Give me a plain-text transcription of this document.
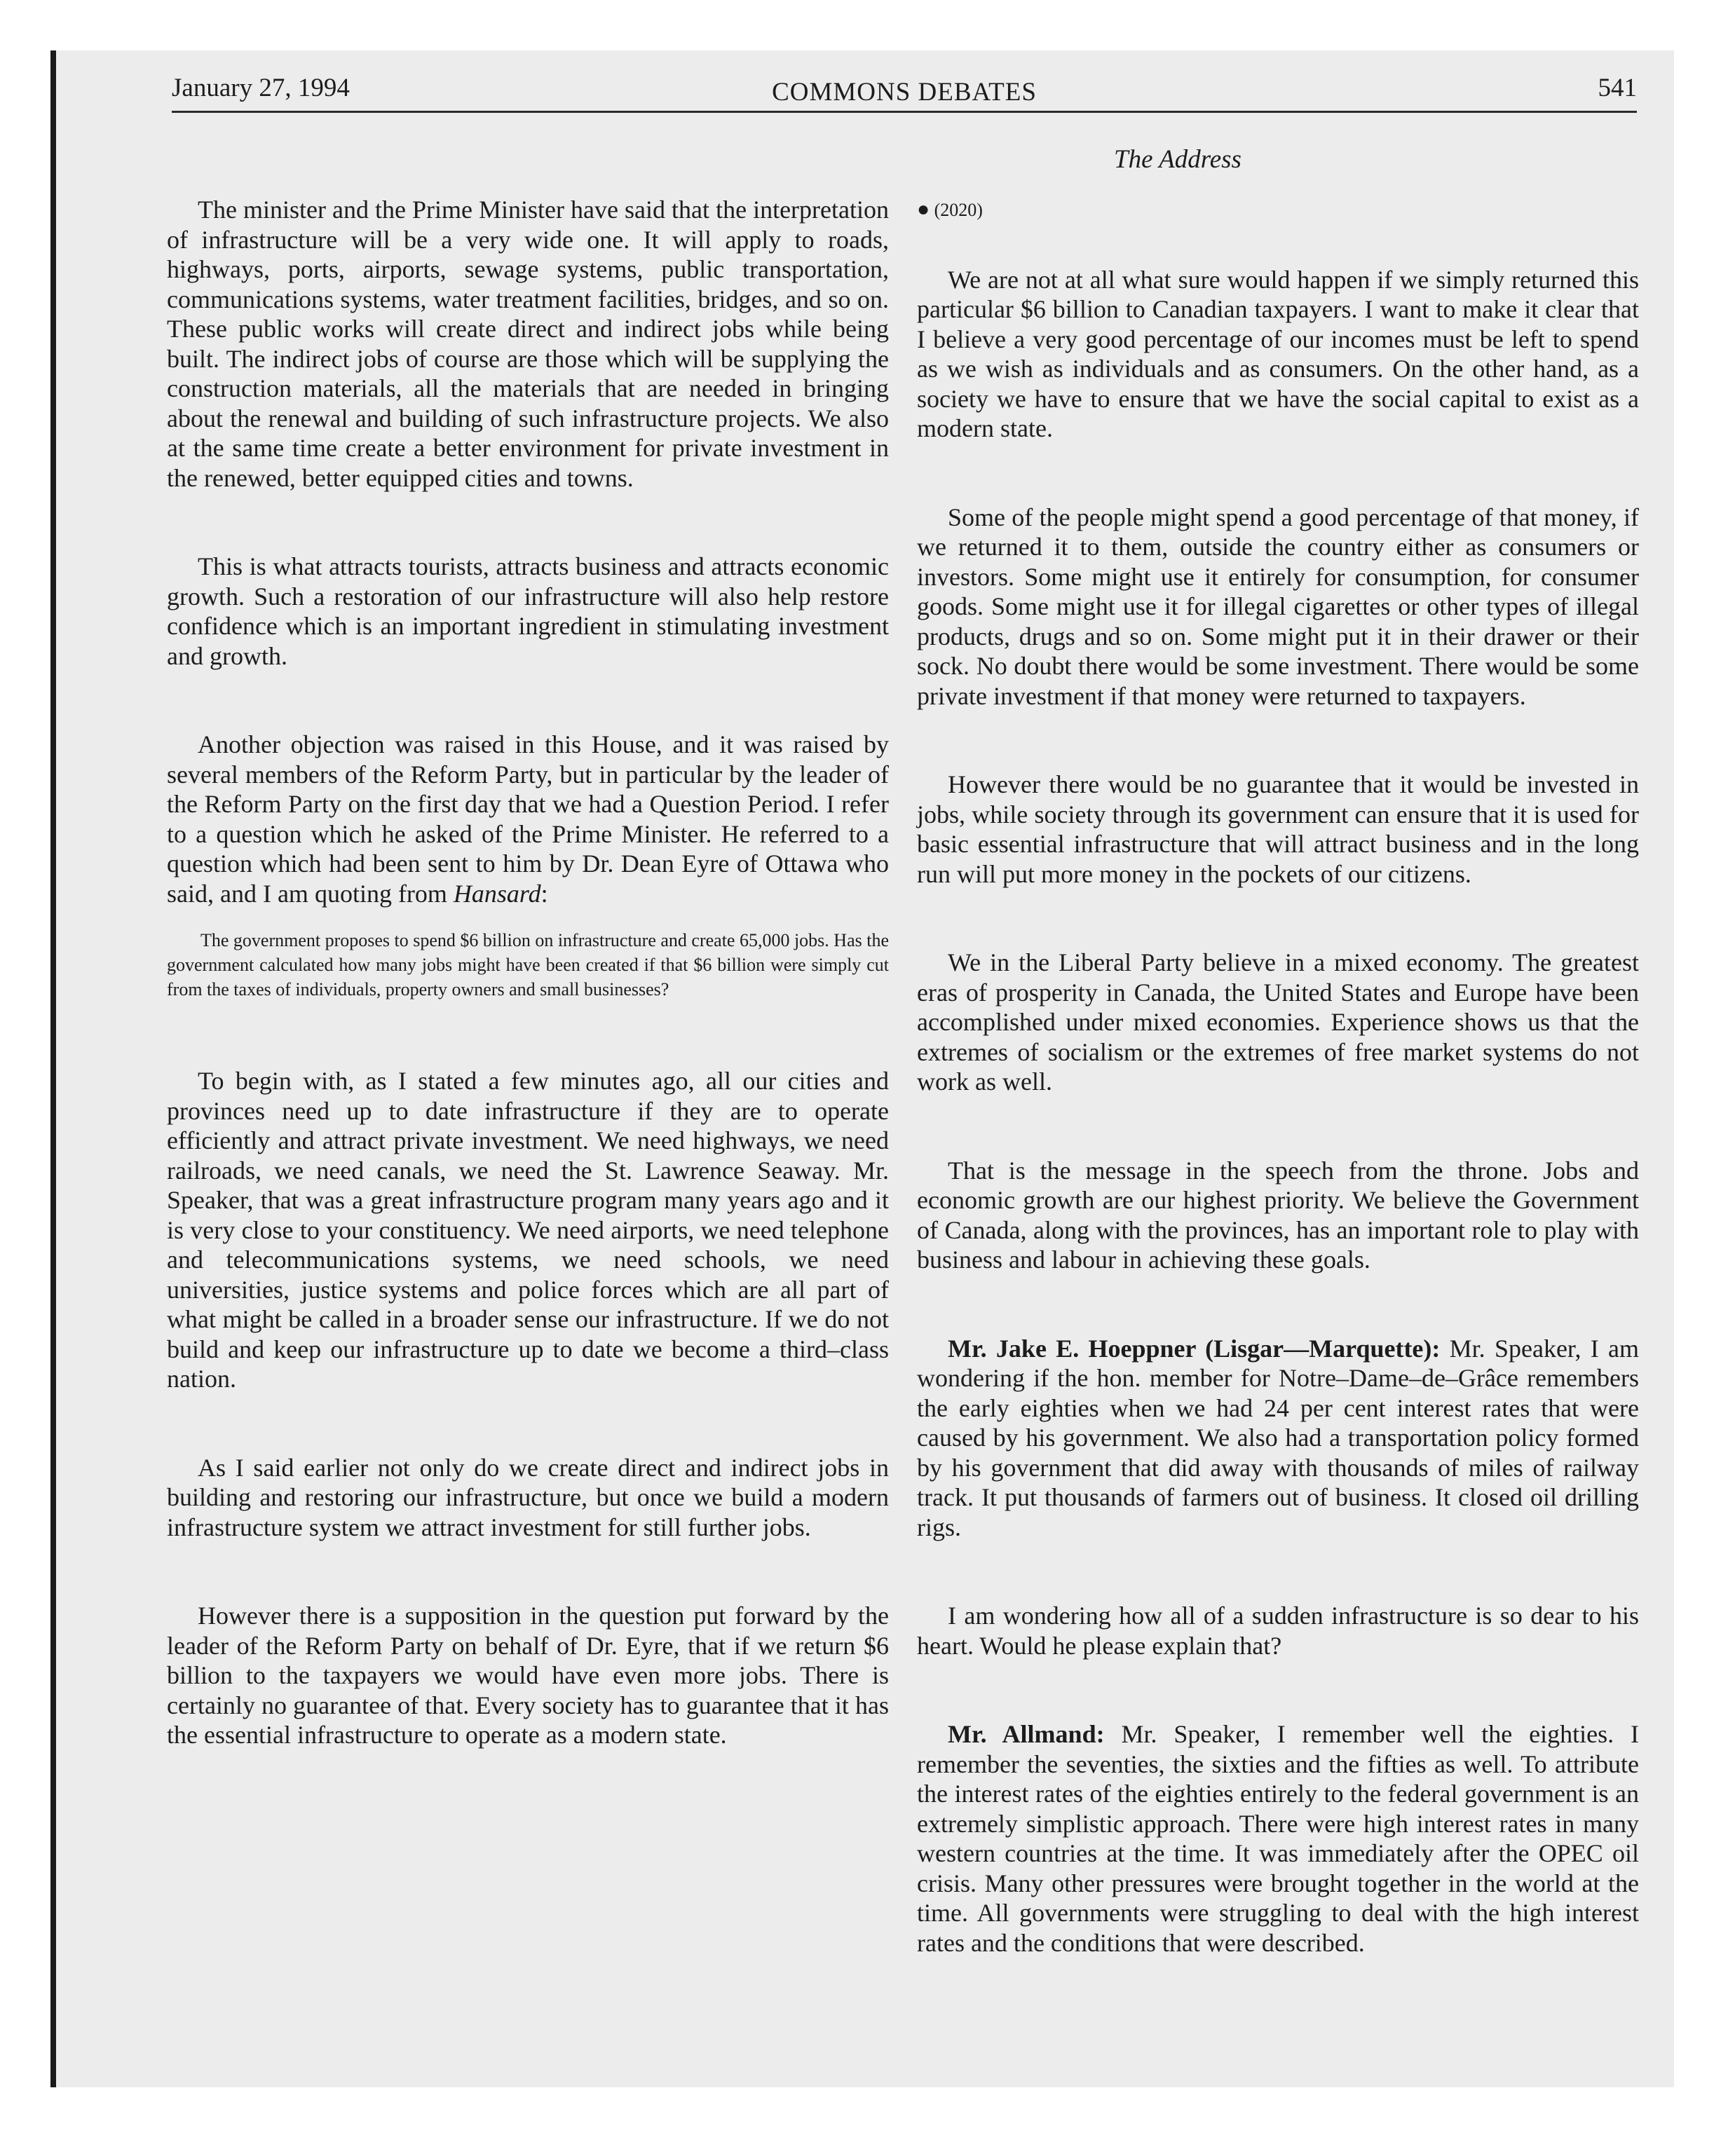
January 27, 1994	COMMONS DEBATES	541
The Address

The minister and the Prime Minister have said that the interpretation of infrastructure will be a very wide one. It will apply to roads, highways, ports, airports, sewage systems, public transportation, communications systems, water treatment facilities, bridges, and so on. These public works will create direct and indirect jobs while being built. The indirect jobs of course are those which will be supplying the construction materials, all the materials that are needed in bringing about the renewal and building of such infrastructure projects. We also at the same time create a better environment for private investment in the renewed, better equipped cities and towns.

This is what attracts tourists, attracts business and attracts economic growth. Such a restoration of our infrastructure will also help restore confidence which is an important ingredient in stimulating investment and growth.

Another objection was raised in this House, and it was raised by several members of the Reform Party, but in particular by the leader of the Reform Party on the first day that we had a Question Period. I refer to a question which he asked of the Prime Minister. He referred to a question which had been sent to him by Dr. Dean Eyre of Ottawa who said, and I am quoting from Hansard:

The government proposes to spend $6 billion on infrastructure and create 65,000 jobs. Has the government calculated how many jobs might have been created if that $6 billion were simply cut from the taxes of individuals, property owners and small businesses?

To begin with, as I stated a few minutes ago, all our cities and provinces need up to date infrastructure if they are to operate efficiently and attract private investment. We need highways, we need railroads, we need canals, we need the St. Lawrence Seaway. Mr. Speaker, that was a great infrastructure program many years ago and it is very close to your constituency. We need airports, we need telephone and telecommunications systems, we need schools, we need universities, justice systems and police forces which are all part of what might be called in a broader sense our infrastructure. If we do not build and keep our infrastructure up to date we become a third–class nation.

As I said earlier not only do we create direct and indirect jobs in building and restoring our infrastructure, but once we build a modern infrastructure system we attract investment for still further jobs.

However there is a supposition in the question put forward by the leader of the Reform Party on behalf of Dr. Eyre, that if we return $6 billion to the taxpayers we would have even more jobs. There is certainly no guarantee of that. Every society has to guarantee that it has the essential infrastructure to operate as a modern state.

● (2020)

We are not at all what sure would happen if we simply returned this particular $6 billion to Canadian taxpayers. I want to make it clear that I believe a very good percentage of our incomes must be left to spend as we wish as individuals and as consumers. On the other hand, as a society we have to ensure that we have the social capital to exist as a modern state.

Some of the people might spend a good percentage of that money, if we returned it to them, outside the country either as consumers or investors. Some might use it entirely for consumption, for consumer goods. Some might use it for illegal cigarettes or other types of illegal products, drugs and so on. Some might put it in their drawer or their sock. No doubt there would be some investment. There would be some private investment if that money were returned to taxpayers.

However there would be no guarantee that it would be invested in jobs, while society through its government can ensure that it is used for basic essential infrastructure that will attract business and in the long run will put more money in the pockets of our citizens.

We in the Liberal Party believe in a mixed economy. The greatest eras of prosperity in Canada, the United States and Europe have been accomplished under mixed economies. Experience shows us that the extremes of socialism or the extremes of free market systems do not work as well.

That is the message in the speech from the throne. Jobs and economic growth are our highest priority. We believe the Government of Canada, along with the provinces, has an important role to play with business and labour in achieving these goals.

Mr. Jake E. Hoeppner (Lisgar—Marquette): Mr. Speaker, I am wondering if the hon. member for Notre–Dame–de–Grâce remembers the early eighties when we had 24 per cent interest rates that were caused by his government. We also had a transportation policy formed by his government that did away with thousands of miles of railway track. It put thousands of farmers out of business. It closed oil drilling rigs.

I am wondering how all of a sudden infrastructure is so dear to his heart. Would he please explain that?

Mr. Allmand: Mr. Speaker, I remember well the eighties. I remember the seventies, the sixties and the fifties as well. To attribute the interest rates of the eighties entirely to the federal government is an extremely simplistic approach. There were high interest rates in many western countries at the time. It was immediately after the OPEC oil crisis. Many other pressures were brought together in the world at the time. All governments were struggling to deal with the high interest rates and the conditions that were described.
